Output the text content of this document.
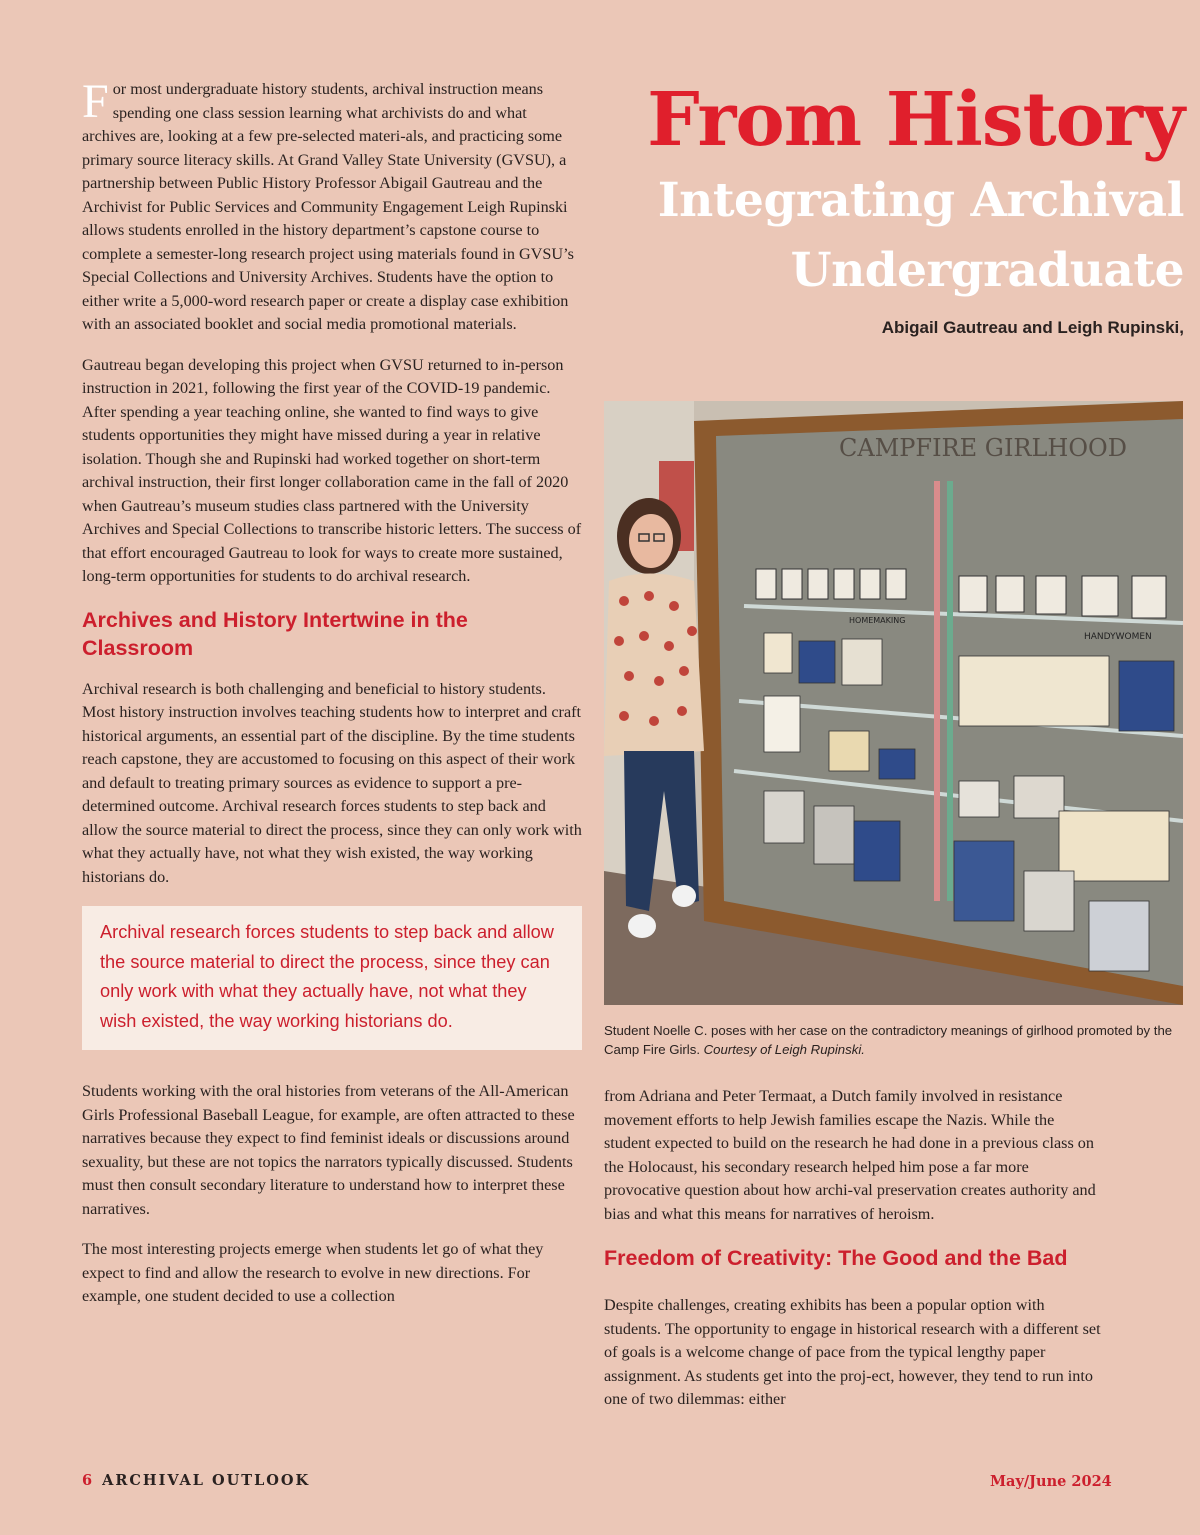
For most undergraduate history students, archival instruction means spending one class session learning what archivists do and what archives are, looking at a few pre-selected materi-als, and practicing some primary source literacy skills. At Grand Valley State University (GVSU), a partnership between Public History Professor Abigail Gautreau and the Archivist for Public Services and Community Engagement Leigh Rupinski allows students enrolled in the history department’s capstone course to complete a semester-long research project using materials found in GVSU’s Special Collections and University Archives. Students have the option to either write a 5,000-word research paper or create a display case exhibition with an associated booklet and social media promotional materials.

Gautreau began developing this project when GVSU returned to in-person instruction in 2021, following the first year of the COVID-19 pandemic. After spending a year teaching online, she wanted to find ways to give students opportunities they might have missed during a year in relative isolation. Though she and Rupinski had worked together on short-term archival instruction, their first longer collaboration came in the fall of 2020 when Gautreau’s museum studies class partnered with the University Archives and Special Collections to transcribe historic letters. The success of that effort encouraged Gautreau to look for ways to create more sustained, long-term opportunities for students to do archival research.

Archives and History Intertwine in the Classroom

Archival research is both challenging and beneficial to history students. Most history instruction involves teaching students how to interpret and craft historical arguments, an essential part of the discipline. By the time students reach capstone, they are accustomed to focusing on this aspect of their work and default to treating primary sources as evidence to support a pre-determined outcome. Archival research forces students to step back and allow the source material to direct the process, since they can only work with what they actually have, not what they wish existed, the way working historians do.

Archival research forces students to step back and allow the source material to direct the process, since they can only work with what they actually have, not what they wish existed, the way working historians do.

Students working with the oral histories from veterans of the All-American Girls Professional Baseball League, for example, are often attracted to these narratives because they expect to find feminist ideals or discussions around sexuality, but these are not topics the narrators typically discussed. Students must then consult secondary literature to understand how to interpret these narratives.

The most interesting projects emerge when students let go of what they expect to find and allow the research to evolve in new directions. For example, one student decided to use a collection

From History
Integrating Archival
Undergraduate
Abigail Gautreau and Leigh Rupinski,
CAMPFIRE GIRLHOOD
HOMEMAKING
HANDYWOMEN
Student Noelle C. poses with her case on the contradictory meanings of girlhood promoted by the Camp Fire Girls. Courtesy of Leigh Rupinski.

from Adriana and Peter Termaat, a Dutch family involved in resistance movement efforts to help Jewish families escape the Nazis. While the student expected to build on the research he had done in a previous class on the Holocaust, his secondary research helped him pose a far more provocative question about how archi-val preservation creates authority and bias and what this means for narratives of heroism.

Freedom of Creativity: The Good and the Bad

Despite challenges, creating exhibits has been a popular option with students. The opportunity to engage in historical research with a different set of goals is a welcome change of pace from the typical lengthy paper assignment. As students get into the proj-ect, however, they tend to run into one of two dilemmas: either

6 ARCHIVAL OUTLOOK	May/June 2024
